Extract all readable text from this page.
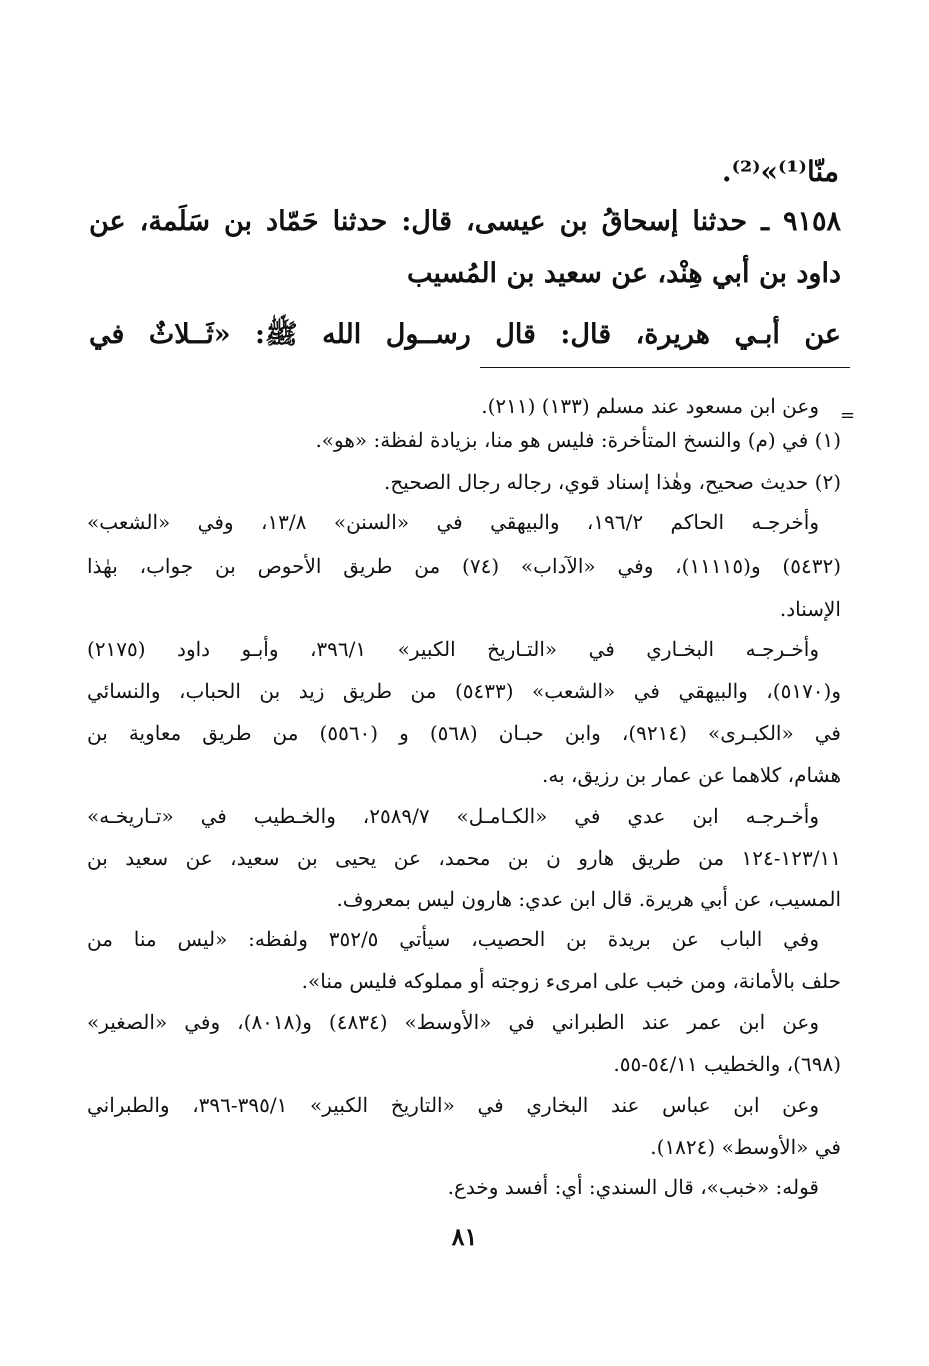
منّا⁽¹⁾»⁽²⁾.
٩١٥٨ ـ حدثنا إسحاقُ بن عيسى، قال: حدثنا حَمّاد بن سَلَمة، عن
داود بن أبي هِنْد، عن سعيد بن المُسيب
عن أبـي هريرة، قال: قال رســول الله ﷺ: «ثَــلاثٌ في
=
وعن ابن مسعود عند مسلم (١٣٣) (٢١١).
(١) في (م) والنسخ المتأخرة: فليس هو منا، بزيادة لفظة: «هو».
(٢) حديث صحيح، وهٰذا إسناد قوي، رجاله رجال الصحيح.
وأخرجـه الحاكم ١٩٦/٢، والبيهقي في «السنن» ١٣/٨، وفي «الشعب»
(٥٤٣٢) و(١١١١٥)، وفي «الآداب» (٧٤) من طريق الأحوص بن جواب، بهٰذا
الإسناد.
وأخـرجـه البخـاري في «التـاريخ الكبير» ٣٩٦/١، وأبـو داود (٢١٧٥)
و(٥١٧٠)، والبيهقي في «الشعب» (٥٤٣٣) من طريق زيد بن الحباب، والنسائي
في «الكبـرى» (٩٢١٤)، وابن حبـان (٥٦٨) و (٥٥٦٠) من طريق معاوية بن
هشام، كلاهما عن عمار بن رزيق، به.
وأخـرجـه ابن عدي في «الكـامـل» ٢٥٨٩/٧، والخـطيب في «تـاريخـه»
١٢٣/١١-١٢٤ من طريق هارو ن بن محمد، عن يحيى بن سعيد، عن سعيد بن
المسيب، عن أبي هريرة. قال ابن عدي: هارون ليس بمعروف.
وفي الباب عن بريدة بن الحصيب، سيأتي ٣٥٢/٥ ولفظه: «ليس منا من
حلف بالأمانة، ومن خبب على امرىء زوجته أو مملوكه فليس منا».
وعن ابن عمر عند الطبراني في «الأوسط» (٤٨٣٤) و(٨٠١٨)، وفي «الصغير»
(٦٩٨)، والخطيب ٥٤/١١-٥٥.
وعن ابن عباس عند البخاري في «التاريخ الكبير» ٣٩٥/١-٣٩٦، والطبراني
في «الأوسط» (١٨٢٤).
قوله: «خبب»، قال السندي: أي: أفسد وخدع.
٨١
